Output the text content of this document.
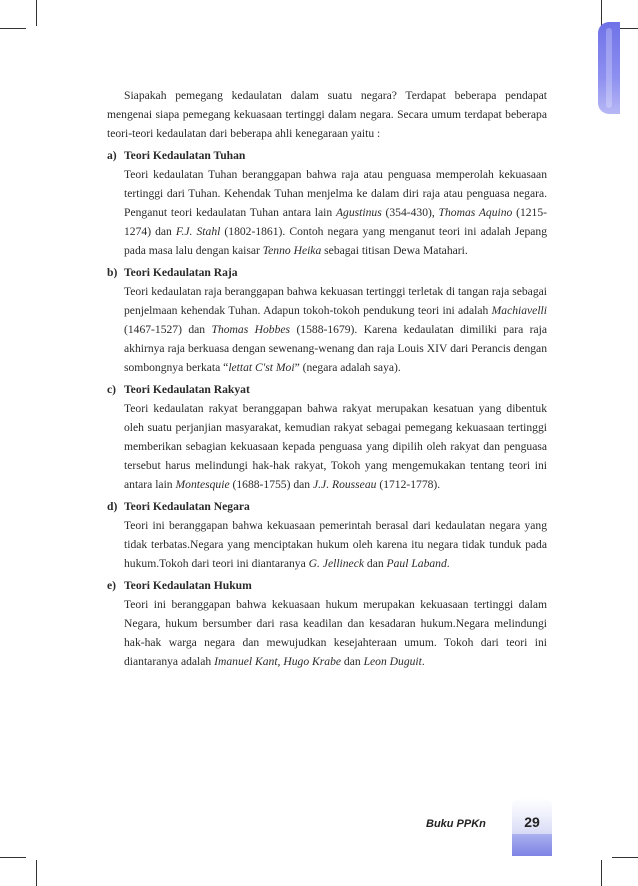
Siapakah pemegang kedaulatan dalam suatu negara? Terdapat beberapa pendapat mengenai siapa pemegang kekuasaan tertinggi dalam negara. Secara umum terdapat beberapa teori-teori kedaulatan dari beberapa ahli kenegaraan yaitu :

a) Teori Kedaulatan Tuhan

Teori kedaulatan Tuhan beranggapan bahwa raja atau penguasa memperolah kekuasaan tertinggi dari Tuhan. Kehendak Tuhan menjelma ke dalam diri raja atau penguasa negara. Penganut teori kedaulatan Tuhan antara lain Agustinus (354-430), Thomas Aquino (1215-1274) dan F.J. Stahl (1802-1861). Contoh negara yang menganut teori ini adalah Jepang pada masa lalu dengan kaisar Tenno Heika sebagai titisan Dewa Matahari.

b) Teori Kedaulatan Raja

Teori kedaulatan raja beranggapan bahwa kekuasan tertinggi terletak di tangan raja sebagai penjelmaan kehendak Tuhan. Adapun tokoh-tokoh pendukung teori ini adalah Machiavelli (1467-1527) dan Thomas Hobbes (1588-1679). Karena kedaulatan dimiliki para raja akhirnya raja berkuasa dengan sewenang-wenang dan raja Louis XIV dari Perancis dengan sombongnya berkata “lettat C'st Moi” (negara adalah saya).

c) Teori Kedaulatan Rakyat

Teori kedaulatan rakyat beranggapan bahwa rakyat merupakan kesatuan yang dibentuk oleh suatu perjanjian masyarakat, kemudian rakyat sebagai pemegang kekuasaan tertinggi memberikan sebagian kekuasaan kepada penguasa yang dipilih oleh rakyat dan penguasa tersebut harus melindungi hak-hak rakyat, Tokoh yang mengemukakan tentang teori ini antara lain Montesquie (1688-1755) dan J.J. Rousseau (1712-1778).

d) Teori Kedaulatan Negara

Teori ini beranggapan bahwa kekuasaan pemerintah berasal dari kedaulatan negara yang tidak terbatas.Negara yang menciptakan hukum oleh karena itu negara tidak tunduk pada hukum.Tokoh dari teori ini diantaranya G. Jellineck dan Paul Laband.

e) Teori Kedaulatan Hukum

Teori ini beranggapan bahwa kekuasaan hukum merupakan kekuasaan tertinggi dalam Negara, hukum bersumber dari rasa keadilan dan kesadaran hukum.Negara melindungi hak-hak warga negara dan mewujudkan kesejahteraan umum. Tokoh dari teori ini diantaranya adalah Imanuel Kant, Hugo Krabe dan Leon Duguit.

Buku PPKn	29
